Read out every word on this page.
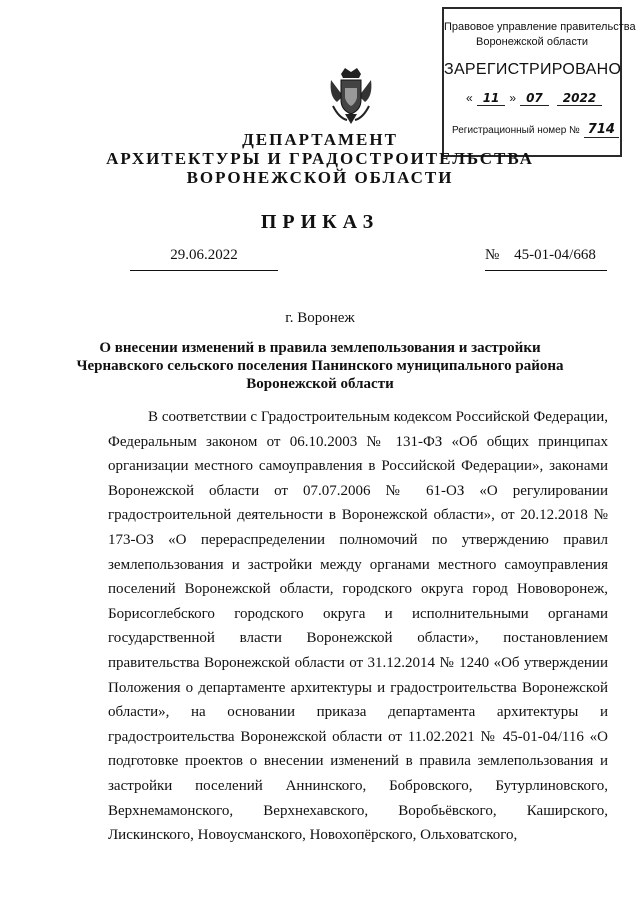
Правовое управление правительства
Воронежской области
ЗАРЕГИСТРИРОВАНО
« 11 » 07 2022
Регистрационный номер № 714
ДЕПАРТАМЕНТ
АРХИТЕКТУРЫ И ГРАДОСТРОИТЕЛЬСТВА
ВОРОНЕЖСКОЙ ОБЛАСТИ
ПРИКАЗ
29.06.2022	№ 45-01-04/668
г. Воронеж
О внесении изменений в правила землепользования и застройки Чернавского сельского поселения Панинского муниципального района Воронежской области
В соответствии с Градостроительным кодексом Российской Федерации, Федеральным законом от 06.10.2003 № 131-ФЗ «Об общих принципах организации местного самоуправления в Российской Федерации», законами Воронежской области от 07.07.2006 № 61-ОЗ «О регулировании градостроительной деятельности в Воронежской области», от 20.12.2018 № 173-ОЗ «О перераспределении полномочий по утверждению правил землепользования и застройки между органами местного самоуправления поселений Воронежской области, городского округа город Нововоронеж, Борисоглебского городского округа и исполнительными органами государственной власти Воронежской области», постановлением правительства Воронежской области от 31.12.2014 № 1240 «Об утверждении Положения о департаменте архитектуры и градостроительства Воронежской области», на основании приказа департамента архитектуры и градостроительства Воронежской области от 11.02.2021 № 45-01-04/116 «О подготовке проектов о внесении изменений в правила землепользования и застройки поселений Аннинского, Бобровского, Бутурлиновского, Верхнемамонского, Верхнехавского, Воробьёвского, Каширского, Лискинского, Новоусманского, Новохопёрского, Ольховатского,
